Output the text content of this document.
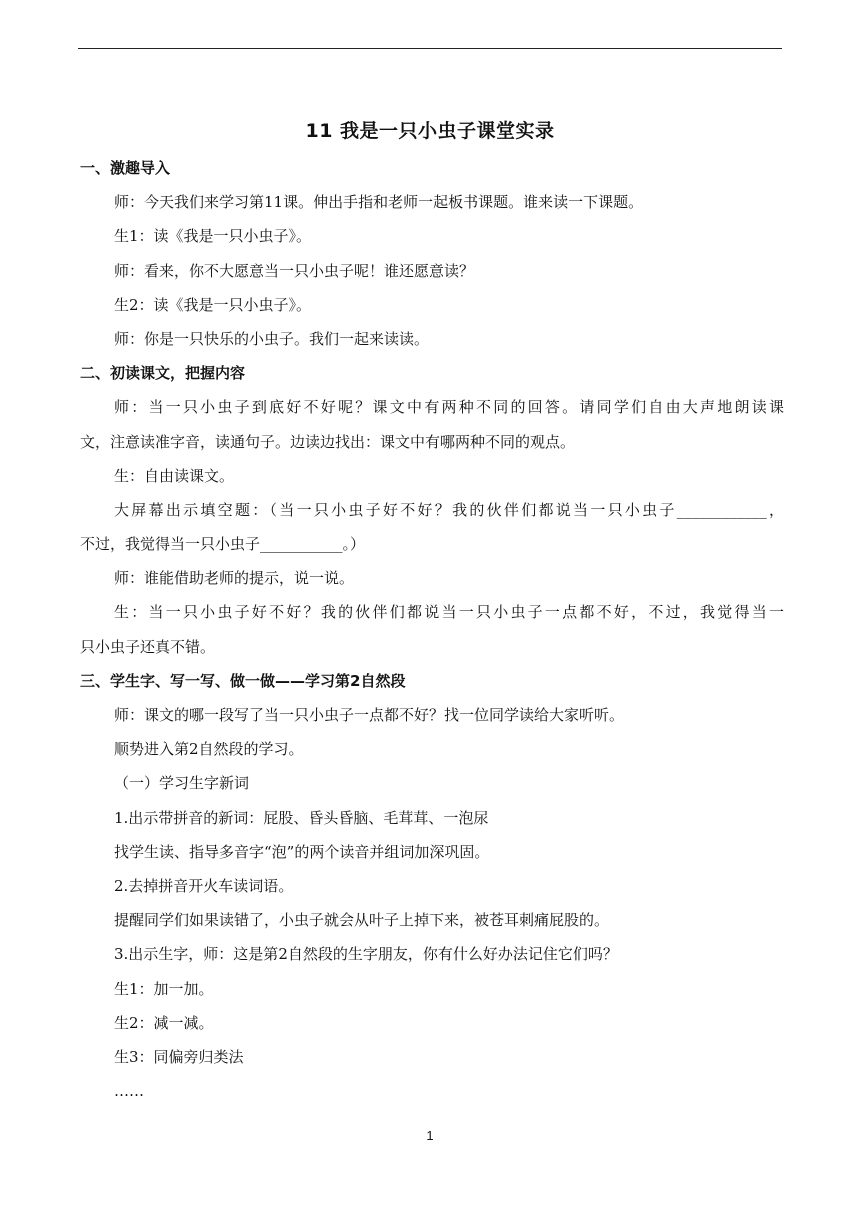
11 我是一只小虫子课堂实录
一、激趣导入
师：今天我们来学习第11课。伸出手指和老师一起板书课题。谁来读一下课题。
生1：读《我是一只小虫子》。
师：看来，你不大愿意当一只小虫子呢！谁还愿意读？
生2：读《我是一只小虫子》。
师：你是一只快乐的小虫子。我们一起来读读。
二、初读课文，把握内容
师：当一只小虫子到底好不好呢？课文中有两种不同的回答。请同学们自由大声地朗读课
文，注意读准字音，读通句子。边读边找出：课文中有哪两种不同的观点。
生：自由读课文。
大屏幕出示填空题：（当一只小虫子好不好？我的伙伴们都说当一只小虫子____________，
不过，我觉得当一只小虫子___________。）
师：谁能借助老师的提示，说一说。
生：当一只小虫子好不好？我的伙伴们都说当一只小虫子一点都不好，不过，我觉得当一
只小虫子还真不错。
三、学生字、写一写、做一做——学习第2自然段
师：课文的哪一段写了当一只小虫子一点都不好？找一位同学读给大家听听。
顺势进入第2自然段的学习。
（一）学习生字新词
1.出示带拼音的新词：屁股、昏头昏脑、毛茸茸、一泡尿
找学生读、指导多音字“泡”的两个读音并组词加深巩固。
2.去掉拼音开火车读词语。
提醒同学们如果读错了，小虫子就会从叶子上掉下来，被苍耳刺痛屁股的。
3.出示生字，师：这是第2自然段的生字朋友，你有什么好办法记住它们吗？
生1：加一加。
生2：减一减。
生3：同偏旁归类法
……
1
